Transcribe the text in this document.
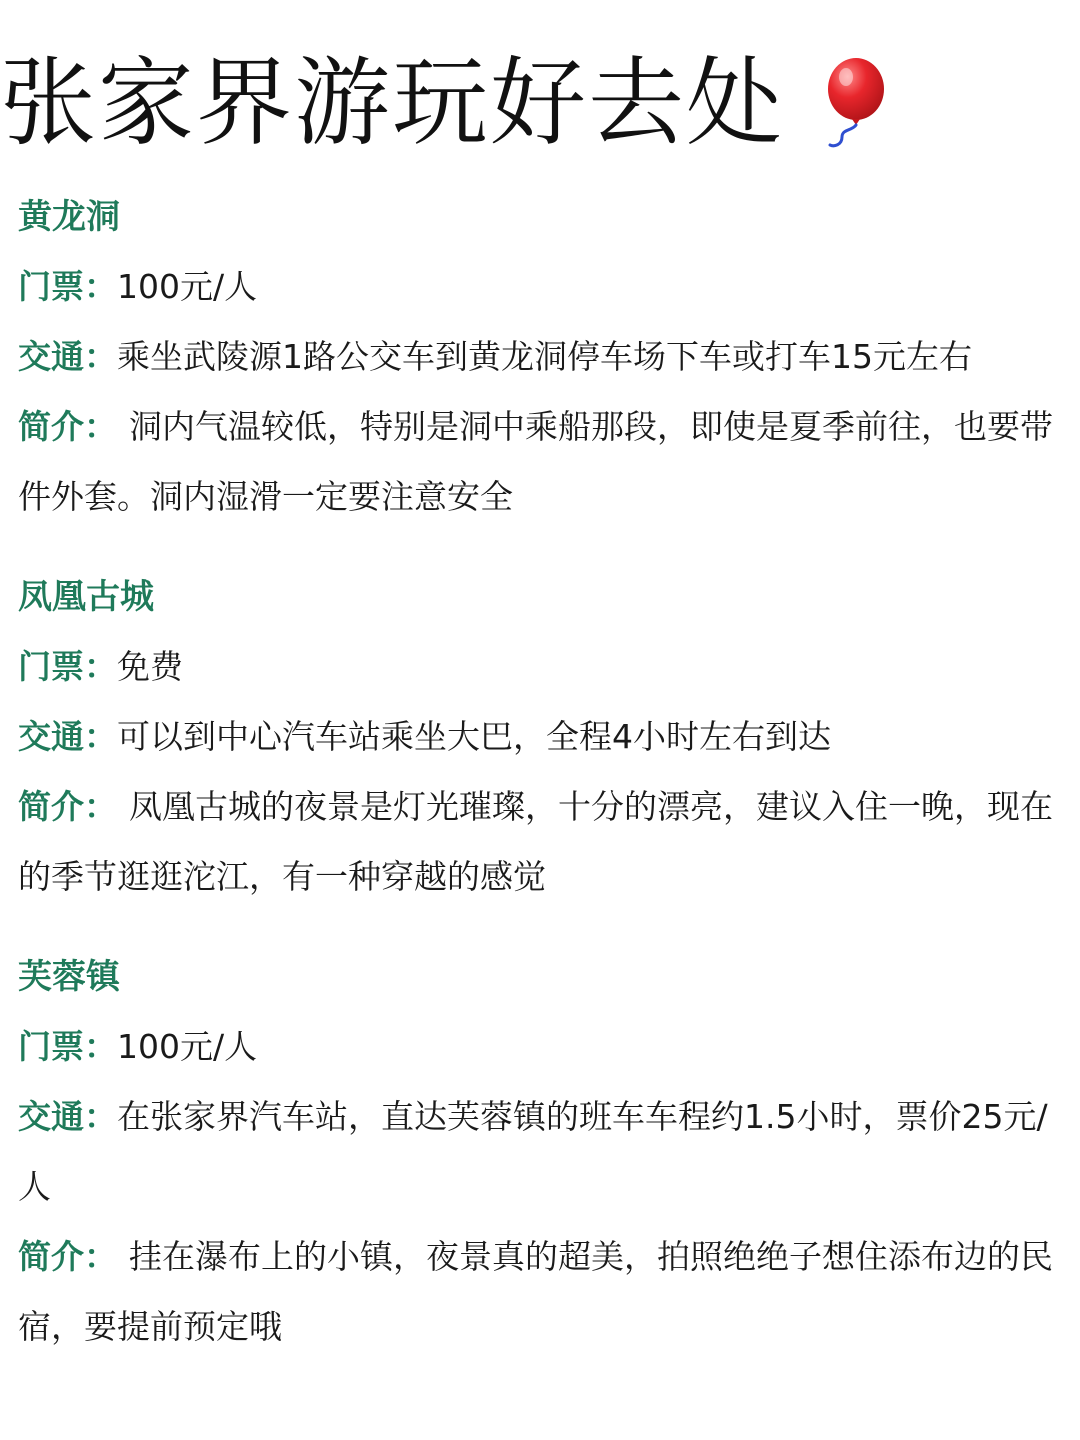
张家界游玩好去处
黄龙洞
门票：100元/人
交通：乘坐武陵源1路公交车到黄龙洞停车场下车或打车15元左右
简介： 洞内气温较低，特别是洞中乘船那段，即使是夏季前往，也要带件外套。洞内湿滑一定要注意安全
凤凰古城
门票：免费
交通：可以到中心汽车站乘坐大巴，全程4小时左右到达
简介： 凤凰古城的夜景是灯光璀璨，十分的漂亮，建议入住一晚，现在的季节逛逛沱江，有一种穿越的感觉
芙蓉镇
门票：100元/人
交通：在张家界汽车站，直达芙蓉镇的班车车程约1.5小时，票价25元/人
简介： 挂在瀑布上的小镇，夜景真的超美，拍照绝绝子想住添布边的民宿，要提前预定哦
